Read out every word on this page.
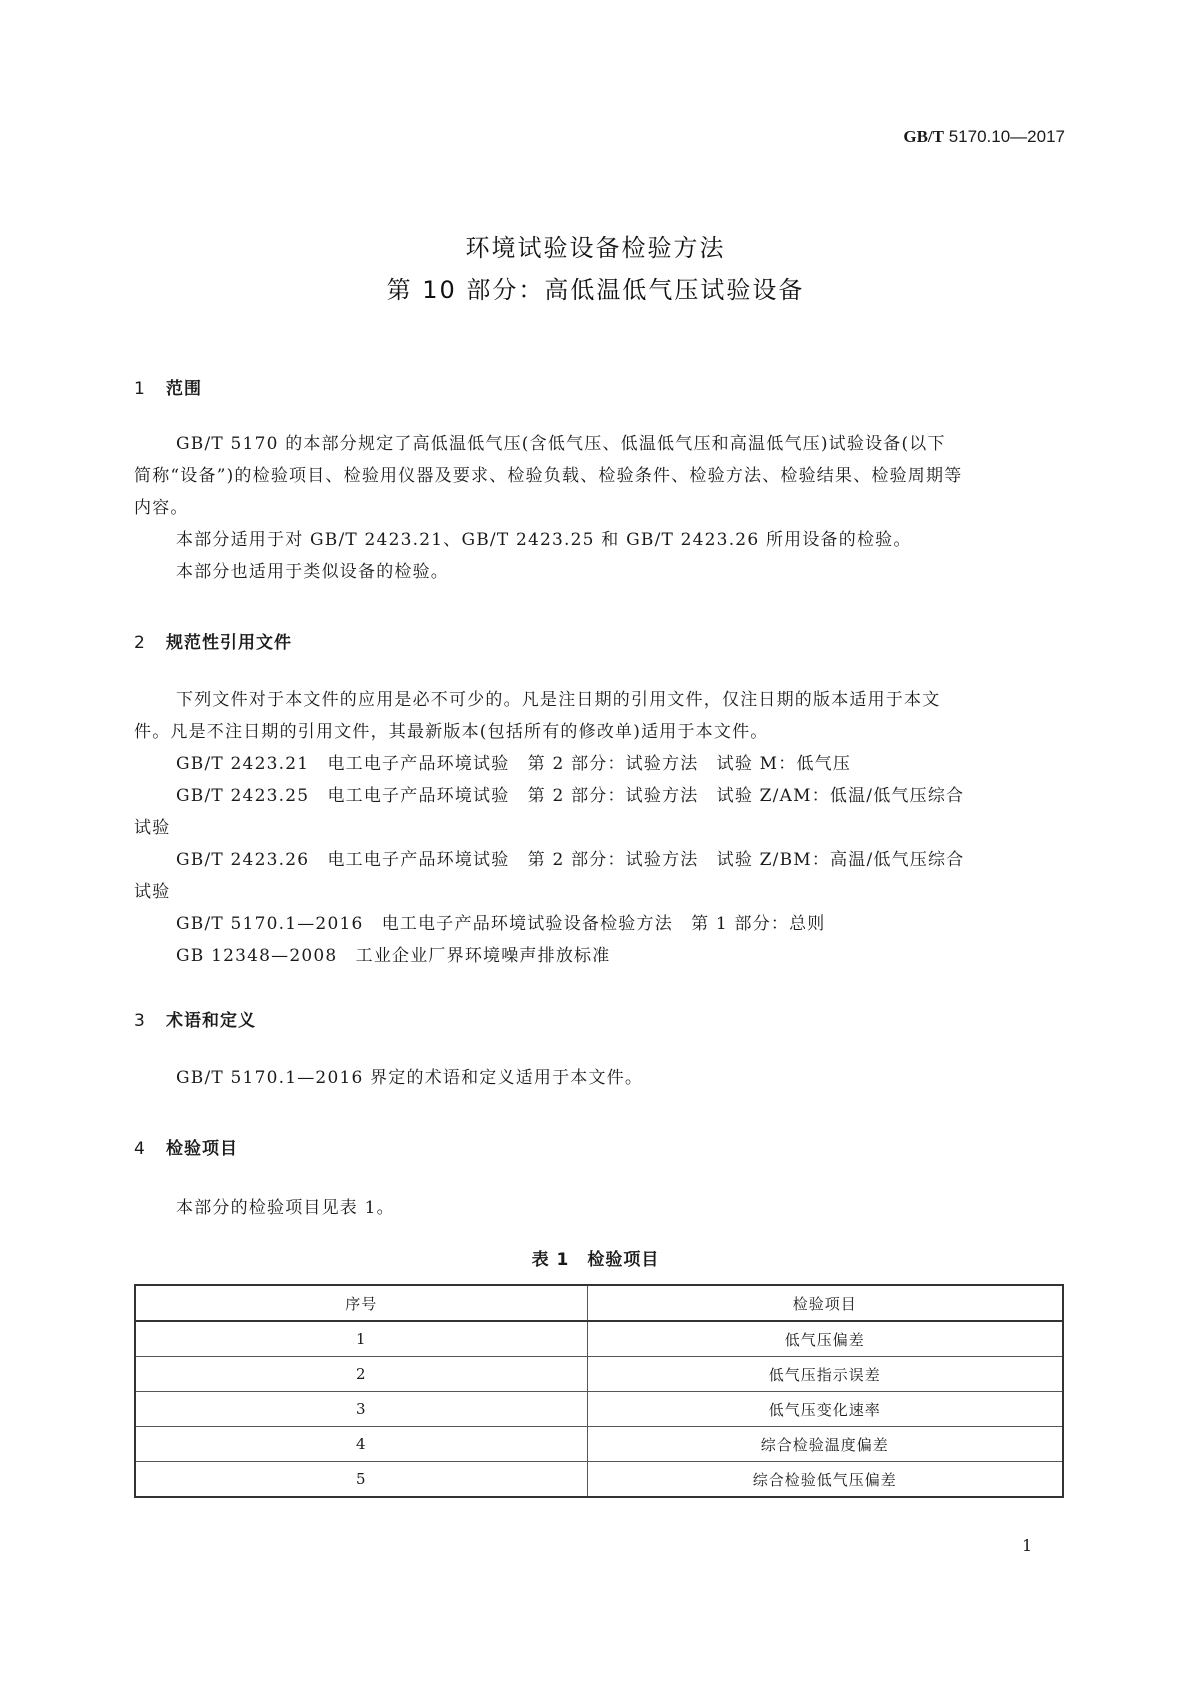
GB/T 5170.10—2017
环境试验设备检验方法
第 10 部分：高低温低气压试验设备
1 范围
GB/T 5170 的本部分规定了高低温低气压(含低气压、低温低气压和高温低气压)试验设备(以下
简称“设备”)的检验项目、检验用仪器及要求、检验负载、检验条件、检验方法、检验结果、检验周期等
内容。
本部分适用于对 GB/T 2423.21、GB/T 2423.25 和 GB/T 2423.26 所用设备的检验。
本部分也适用于类似设备的检验。
2 规范性引用文件
下列文件对于本文件的应用是必不可少的。凡是注日期的引用文件，仅注日期的版本适用于本文
件。凡是不注日期的引用文件，其最新版本(包括所有的修改单)适用于本文件。
GB/T 2423.21　电工电子产品环境试验　第 2 部分：试验方法　试验 M：低气压
GB/T 2423.25　电工电子产品环境试验　第 2 部分：试验方法　试验 Z/AM：低温/低气压综合
试验
GB/T 2423.26　电工电子产品环境试验　第 2 部分：试验方法　试验 Z/BM：高温/低气压综合
试验
GB/T 5170.1—2016　电工电子产品环境试验设备检验方法　第 1 部分：总则
GB 12348—2008　工业企业厂界环境噪声排放标准
3 术语和定义
GB/T 5170.1—2016 界定的术语和定义适用于本文件。
4 检验项目
本部分的检验项目见表 1。
表 1　检验项目
序号	检验项目
1	低气压偏差
2	低气压指示误差
3	低气压变化速率
4	综合检验温度偏差
5	综合检验低气压偏差
1
